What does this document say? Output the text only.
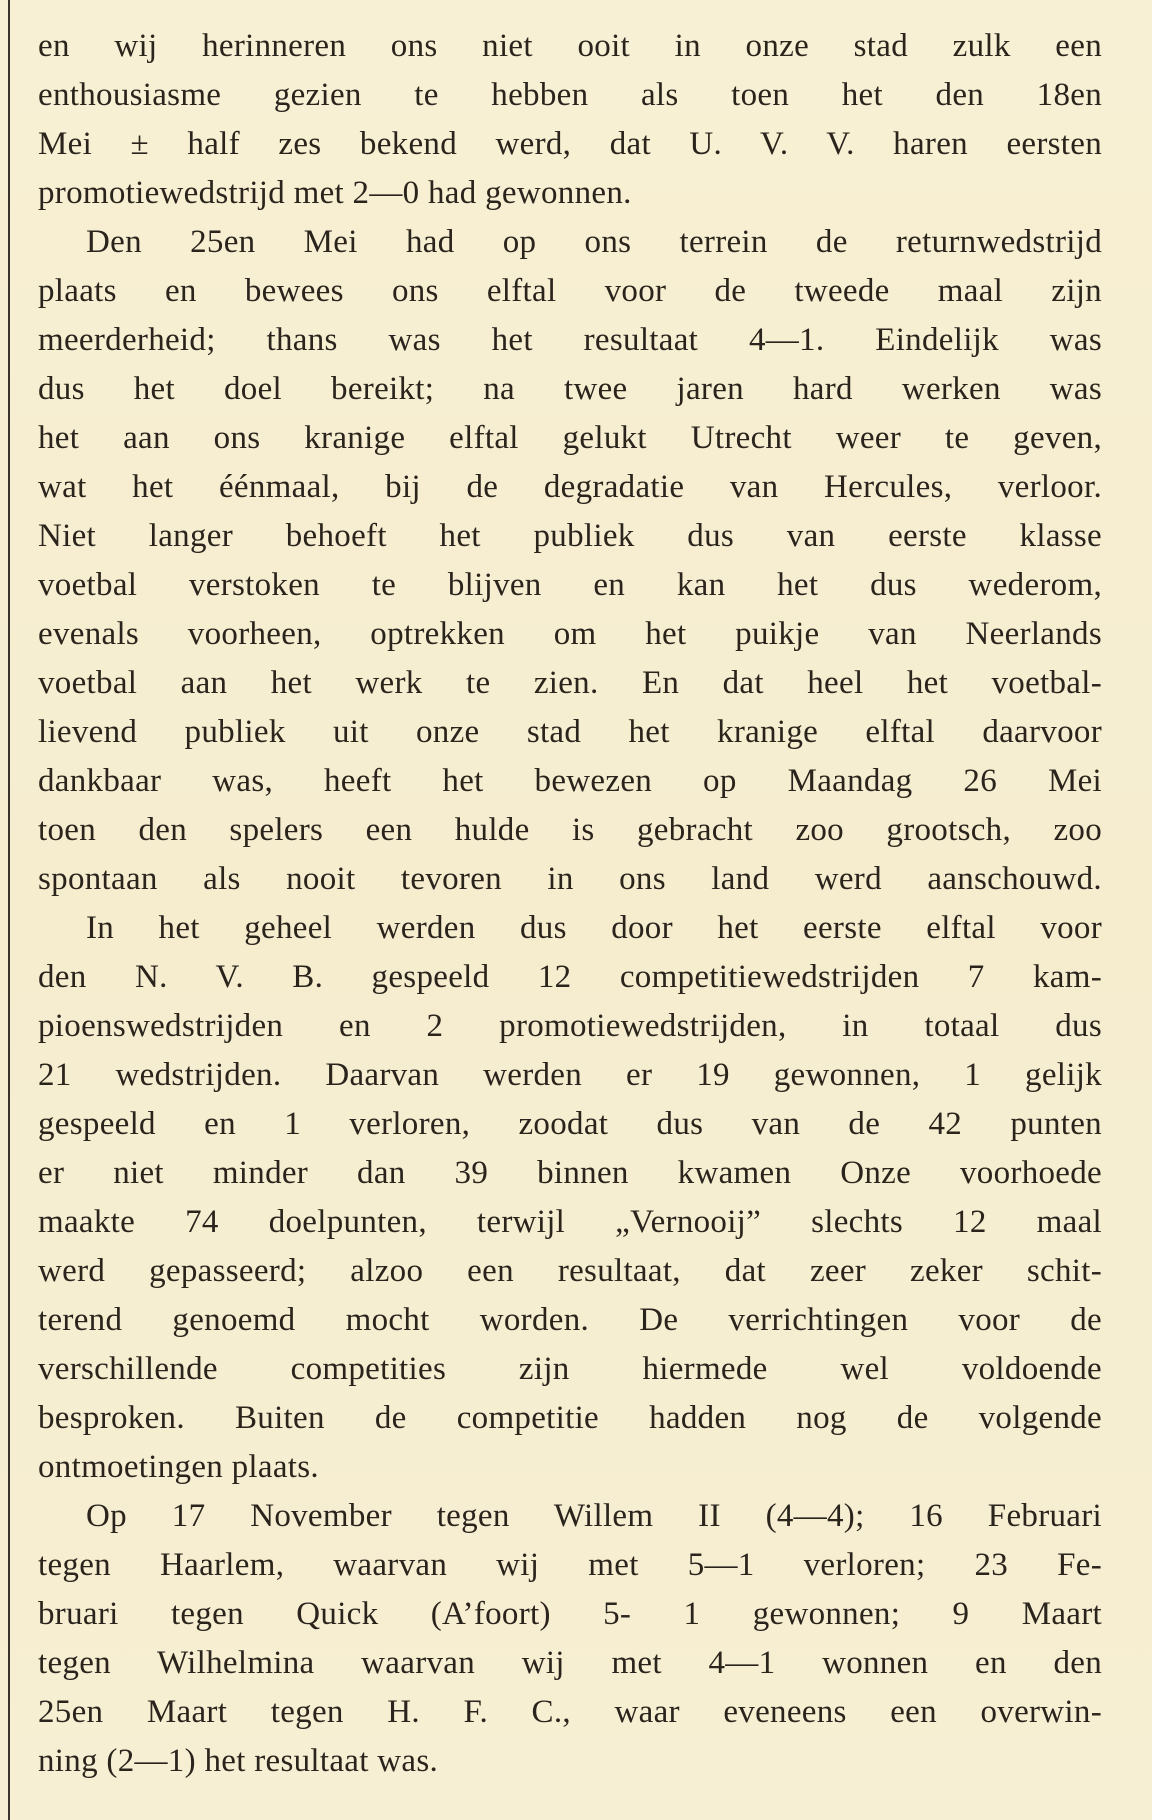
en wij herinneren ons niet ooit in onze stad zulk een
enthousiasme gezien te hebben als toen het den 18en
Mei ± half zes bekend werd, dat U. V. V. haren eersten
promotiewedstrijd met 2—0 had gewonnen.
Den 25en Mei had op ons terrein de returnwedstrijd
plaats en bewees ons elftal voor de tweede maal zijn
meerderheid; thans was het resultaat 4—1. Eindelijk was
dus het doel bereikt; na twee jaren hard werken was
het aan ons kranige elftal gelukt Utrecht weer te geven,
wat het éénmaal, bij de degradatie van Hercules, verloor.
Niet langer behoeft het publiek dus van eerste klasse
voetbal verstoken te blijven en kan het dus wederom,
evenals voorheen, optrekken om het puikje van Neerlands
voetbal aan het werk te zien. En dat heel het voetbal-
lievend publiek uit onze stad het kranige elftal daarvoor
dankbaar was, heeft het bewezen op Maandag 26 Mei
toen den spelers een hulde is gebracht zoo grootsch, zoo
spontaan als nooit tevoren in ons land werd aanschouwd.
In het geheel werden dus door het eerste elftal voor
den N. V. B. gespeeld 12 competitiewedstrijden 7 kam-
pioenswedstrijden en 2 promotiewedstrijden, in totaal dus
21 wedstrijden. Daarvan werden er 19 gewonnen, 1 gelijk
gespeeld en 1 verloren, zoodat dus van de 42 punten
er niet minder dan 39 binnen kwamen Onze voorhoede
maakte 74 doelpunten, terwijl „Vernooij” slechts 12 maal
werd gepasseerd; alzoo een resultaat, dat zeer zeker schit-
terend genoemd mocht worden. De verrichtingen voor de
verschillende competities zijn hiermede wel voldoende
besproken. Buiten de competitie hadden nog de volgende
ontmoetingen plaats.
Op 17 November tegen Willem II (4—4); 16 Februari
tegen Haarlem, waarvan wij met 5—1 verloren; 23 Fe-
bruari tegen Quick (A’foort) 5- 1 gewonnen; 9 Maart
tegen Wilhelmina waarvan wij met 4—1 wonnen en den
25en Maart tegen H. F. C., waar eveneens een overwin-
ning (2—1) het resultaat was.
